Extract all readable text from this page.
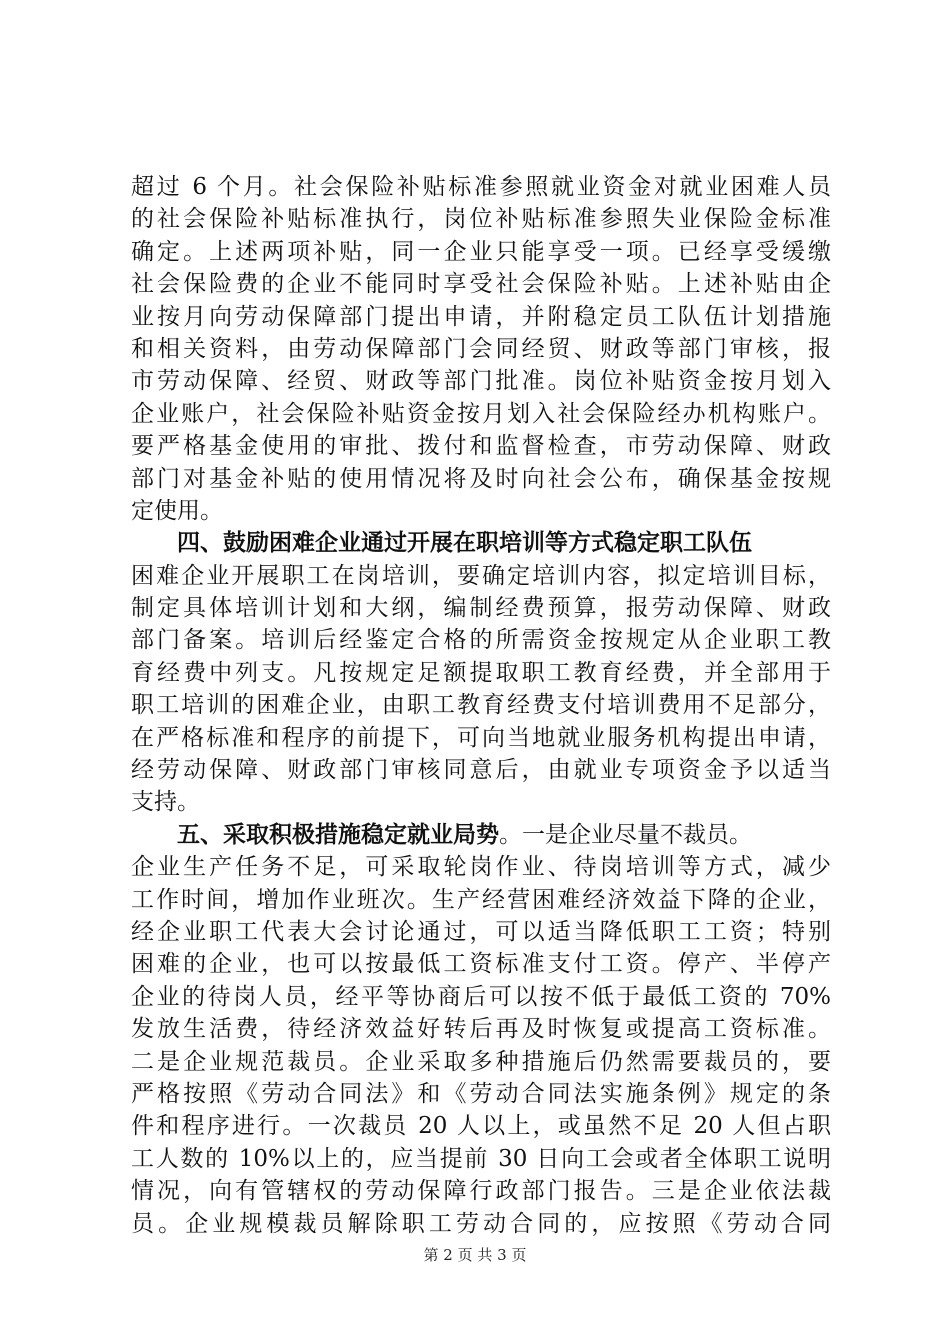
超过 6 个月。社会保险补贴标准参照就业资金对就业困难人员
的社会保险补贴标准执行，岗位补贴标准参照失业保险金标准
确定。上述两项补贴，同一企业只能享受一项。已经享受缓缴
社会保险费的企业不能同时享受社会保险补贴。上述补贴由企
业按月向劳动保障部门提出申请，并附稳定员工队伍计划措施
和相关资料，由劳动保障部门会同经贸、财政等部门审核，报
市劳动保障、经贸、财政等部门批准。岗位补贴资金按月划入
企业账户，社会保险补贴资金按月划入社会保险经办机构账户。
要严格基金使用的审批、拨付和监督检查，市劳动保障、财政
部门对基金补贴的使用情况将及时向社会公布，确保基金按规
定使用。
四、鼓励困难企业通过开展在职培训等方式稳定职工队伍
困难企业开展职工在岗培训，要确定培训内容，拟定培训目标，
制定具体培训计划和大纲，编制经费预算，报劳动保障、财政
部门备案。培训后经鉴定合格的所需资金按规定从企业职工教
育经费中列支。凡按规定足额提取职工教育经费，并全部用于
职工培训的困难企业，由职工教育经费支付培训费用不足部分，
在严格标准和程序的前提下，可向当地就业服务机构提出申请，
经劳动保障、财政部门审核同意后，由就业专项资金予以适当
支持。
五、采取积极措施稳定就业局势。一是企业尽量不裁员。
企业生产任务不足，可采取轮岗作业、待岗培训等方式，减少
工作时间，增加作业班次。生产经营困难经济效益下降的企业，
经企业职工代表大会讨论通过，可以适当降低职工工资；特别
困难的企业，也可以按最低工资标准支付工资。停产、半停产
企业的待岗人员，经平等协商后可以按不低于最低工资的 70%
发放生活费，待经济效益好转后再及时恢复或提高工资标准。
二是企业规范裁员。企业采取多种措施后仍然需要裁员的，要
严格按照《劳动合同法》和《劳动合同法实施条例》规定的条
件和程序进行。一次裁员 20 人以上，或虽然不足 20 人但占职
工人数的 10%以上的，应当提前 30 日向工会或者全体职工说明
情况，向有管辖权的劳动保障行政部门报告。三是企业依法裁
员。企业规模裁员解除职工劳动合同的，应按照《劳动合同
第 2 页 共 3 页
